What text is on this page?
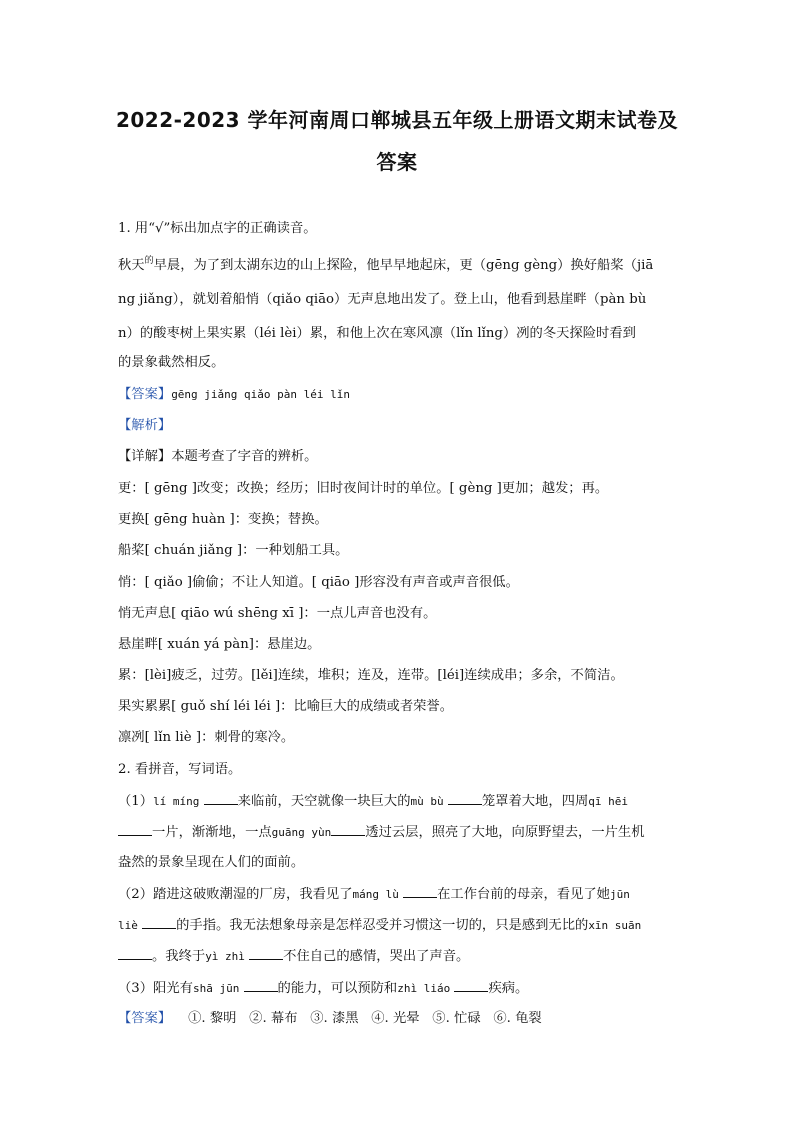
2022-2023 学年河南周口郸城县五年级上册语文期末试卷及
答案
1. 用“√”标出加点字的正确读音。
秋天$^的$早晨，为了到太湖东边的山上探险，他早早地起床，更（gēng gèng）换好船桨（jiā
ng jiǎng），就划着船悄（qiǎo qiāo）无声息地出发了。登上山，他看到悬崖畔（pàn bù
n）的酸枣树上果实累（léi lèi）累，和他上次在寒风凛（lǐn lǐng）冽的冬天探险时看到
的景象截然相反。
【答案】gēng jiǎng qiǎo pàn léi lǐn
【解析】
【详解】本题考查了字音的辨析。
更：[ gēng ]改变；改换；经历；旧时夜间计时的单位。[ gèng ]更加；越发；再。
更换[ gēng huàn ]：变换；替换。
船桨[ chuán jiǎng ]：一种划船工具。
悄：[ qiǎo ]偷偷；不让人知道。[ qiāo ]形容没有声音或声音很低。
悄无声息[ qiāo wú shēng xī ]：一点儿声音也没有。
悬崖畔[ xuán yá pàn]：悬崖边。
累：[lèi]疲乏，过劳。[lěi]连续，堆积；连及，连带。[léi]连续成串；多余，不简洁。
果实累累[ guǒ shí léi léi ]：比喻巨大的成绩或者荣誉。
凛冽[ lǐn liè ]：刺骨的寒冷。
2. 看拼音，写词语。
（1）lí míng	来临前，天空就像一块巨大的mù bù	笼罩着大地，四周qī hēi
一片，渐渐地，一点guāng yùn	透过云层，照亮了大地，向原野望去，一片生机
盎然的景象呈现在人们的面前。
（2）踏进这破败潮湿的厂房，我看见了máng lù	在工作台前的母亲，看见了她jūn
liè	的手指。我无法想象母亲是怎样忍受并习惯这一切的，只是感到无比的xīn suān
。我终于yì zhì	不住自己的感情，哭出了声音。
（3）阳光有shā jūn	的能力，可以预防和zhì liáo	疾病。
【答案】 ①. 黎明 ②. 幕布 ③. 漆黑 ④. 光晕 ⑤. 忙碌 ⑥. 龟裂
